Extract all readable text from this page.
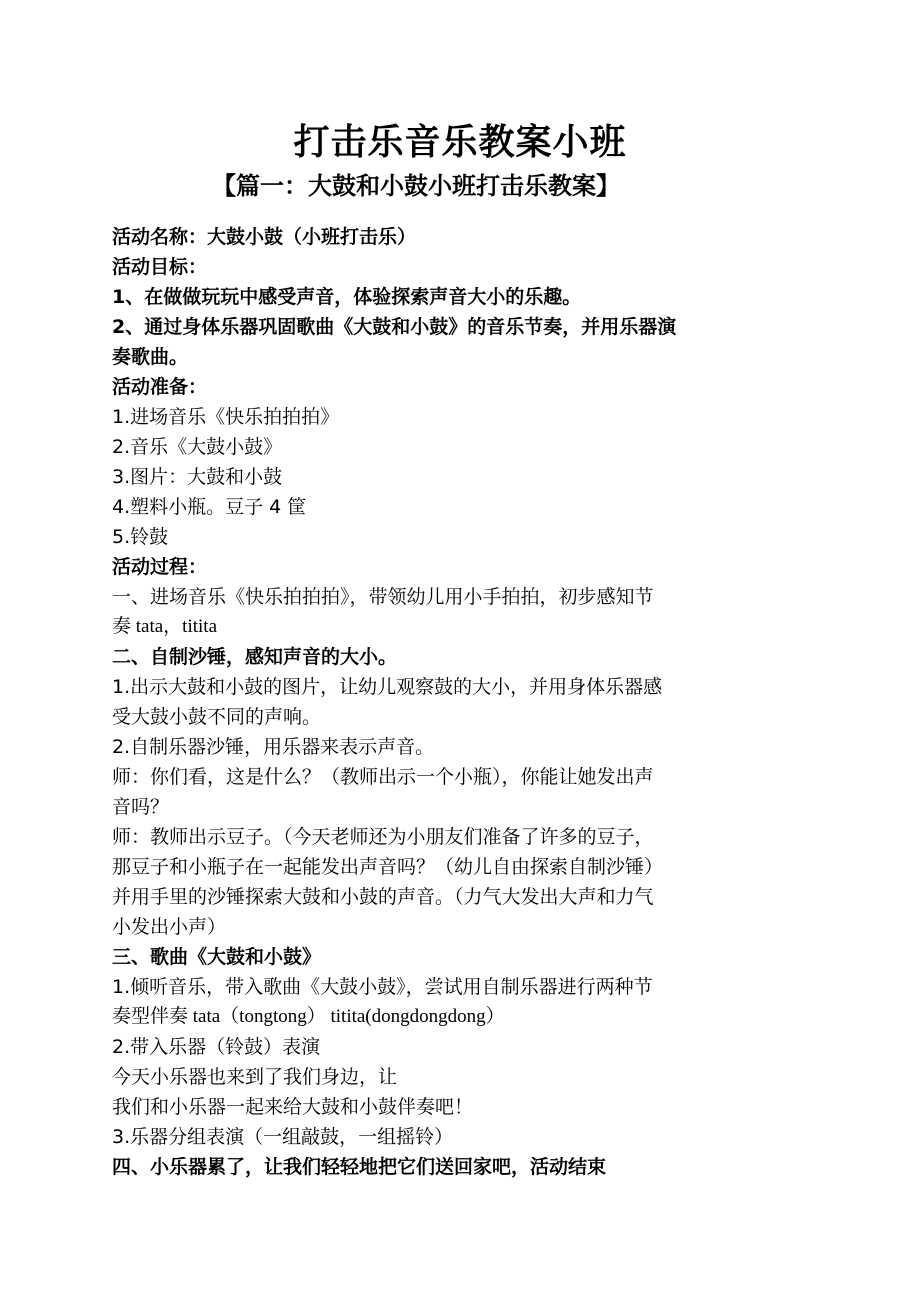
打击乐音乐教案小班
【篇一：大鼓和小鼓小班打击乐教案】
活动名称：大鼓小鼓（小班打击乐）
活动目标：
1、在做做玩玩中感受声音，体验探索声音大小的乐趣。
2、通过身体乐器巩固歌曲《大鼓和小鼓》的音乐节奏，并用乐器演
奏歌曲。
活动准备：
1.进场音乐《快乐拍拍拍》
2.音乐《大鼓小鼓》
3.图片：大鼓和小鼓
4.塑料小瓶。豆子 4 筐
5.铃鼓
活动过程：
一、进场音乐《快乐拍拍拍》，带领幼儿用小手拍拍，初步感知节
奏 tata，titita
二、自制沙锤，感知声音的大小。
1.出示大鼓和小鼓的图片，让幼儿观察鼓的大小，并用身体乐器感
受大鼓小鼓不同的声响。
2.自制乐器沙锤，用乐器来表示声音。
师：你们看，这是什么？（教师出示一个小瓶），你能让她发出声
音吗？
师：教师出示豆子。（今天老师还为小朋友们准备了许多的豆子，
那豆子和小瓶子在一起能发出声音吗？（幼儿自由探索自制沙锤）
并用手里的沙锤探索大鼓和小鼓的声音。（力气大发出大声和力气
小发出小声）
三、歌曲《大鼓和小鼓》
1.倾听音乐，带入歌曲《大鼓小鼓》，尝试用自制乐器进行两种节
奏型伴奏 tata（tongtong） titita(dongdongdong）
2.带入乐器（铃鼓）表演
今天小乐器也来到了我们身边，让
我们和小乐器一起来给大鼓和小鼓伴奏吧！
3.乐器分组表演（一组敲鼓，一组摇铃）
四、小乐器累了，让我们轻轻地把它们送回家吧，活动结束
